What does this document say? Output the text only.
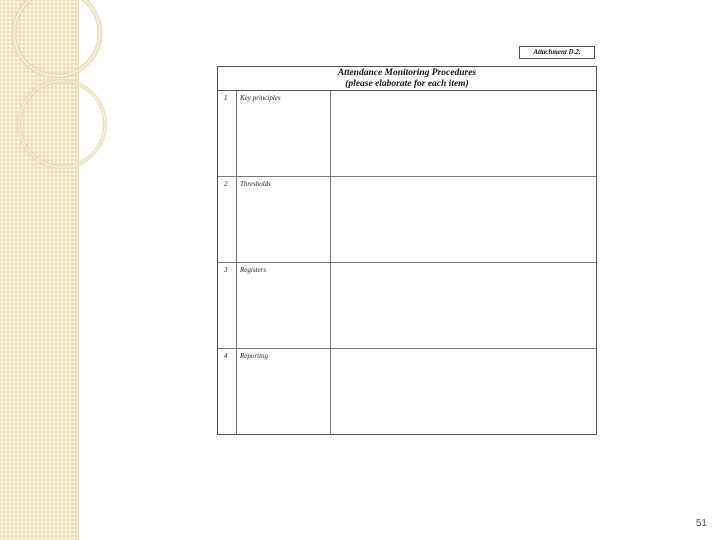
Attachment D.2.
Attendance Monitoring Procedures
(please elaborate for each item)
1	Key principles
2	Thresholds
3	Registers
4	Reporting
51
